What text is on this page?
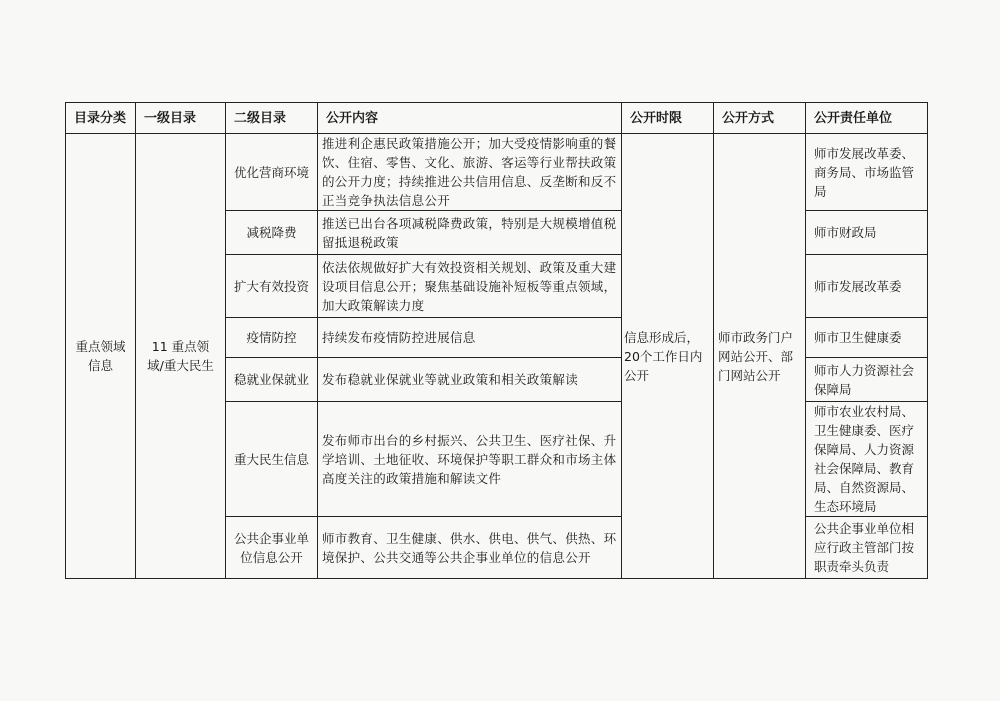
目录分类	一级目录	二级目录	公开内容	公开时限	公开方式	公开责任单位
重点领域信息	11 重点领域/重大民生	优化营商环境	推进利企惠民政策措施公开；加大受疫情影响重的餐饮、住宿、零售、文化、旅游、客运等行业帮扶政策的公开力度；持续推进公共信用信息、反垄断和反不正当竞争执法信息公开	信息形成后，20个工作日内公开	师市政务门户网站公开、部门网站公开	师市发展改革委、商务局、市场监管局
		减税降费	推送已出台各项减税降费政策，特别是大规模增值税留抵退税政策			师市财政局
		扩大有效投资	依法依规做好扩大有效投资相关规划、政策及重大建设项目信息公开；聚焦基础设施补短板等重点领域，加大政策解读力度			师市发展改革委
		疫情防控	持续发布疫情防控进展信息			师市卫生健康委
		稳就业保就业	发布稳就业保就业等就业政策和相关政策解读			师市人力资源社会保障局
		重大民生信息	发布师市出台的乡村振兴、公共卫生、医疗社保、升学培训、土地征收、环境保护等职工群众和市场主体高度关注的政策措施和解读文件			师市农业农村局、卫生健康委、医疗保障局、人力资源社会保障局、教育局、自然资源局、生态环境局
		公共企事业单位信息公开	师市教育、卫生健康、供水、供电、供气、供热、环境保护、公共交通等公共企事业单位的信息公开			公共企事业单位相应行政主管部门按职责牵头负责
